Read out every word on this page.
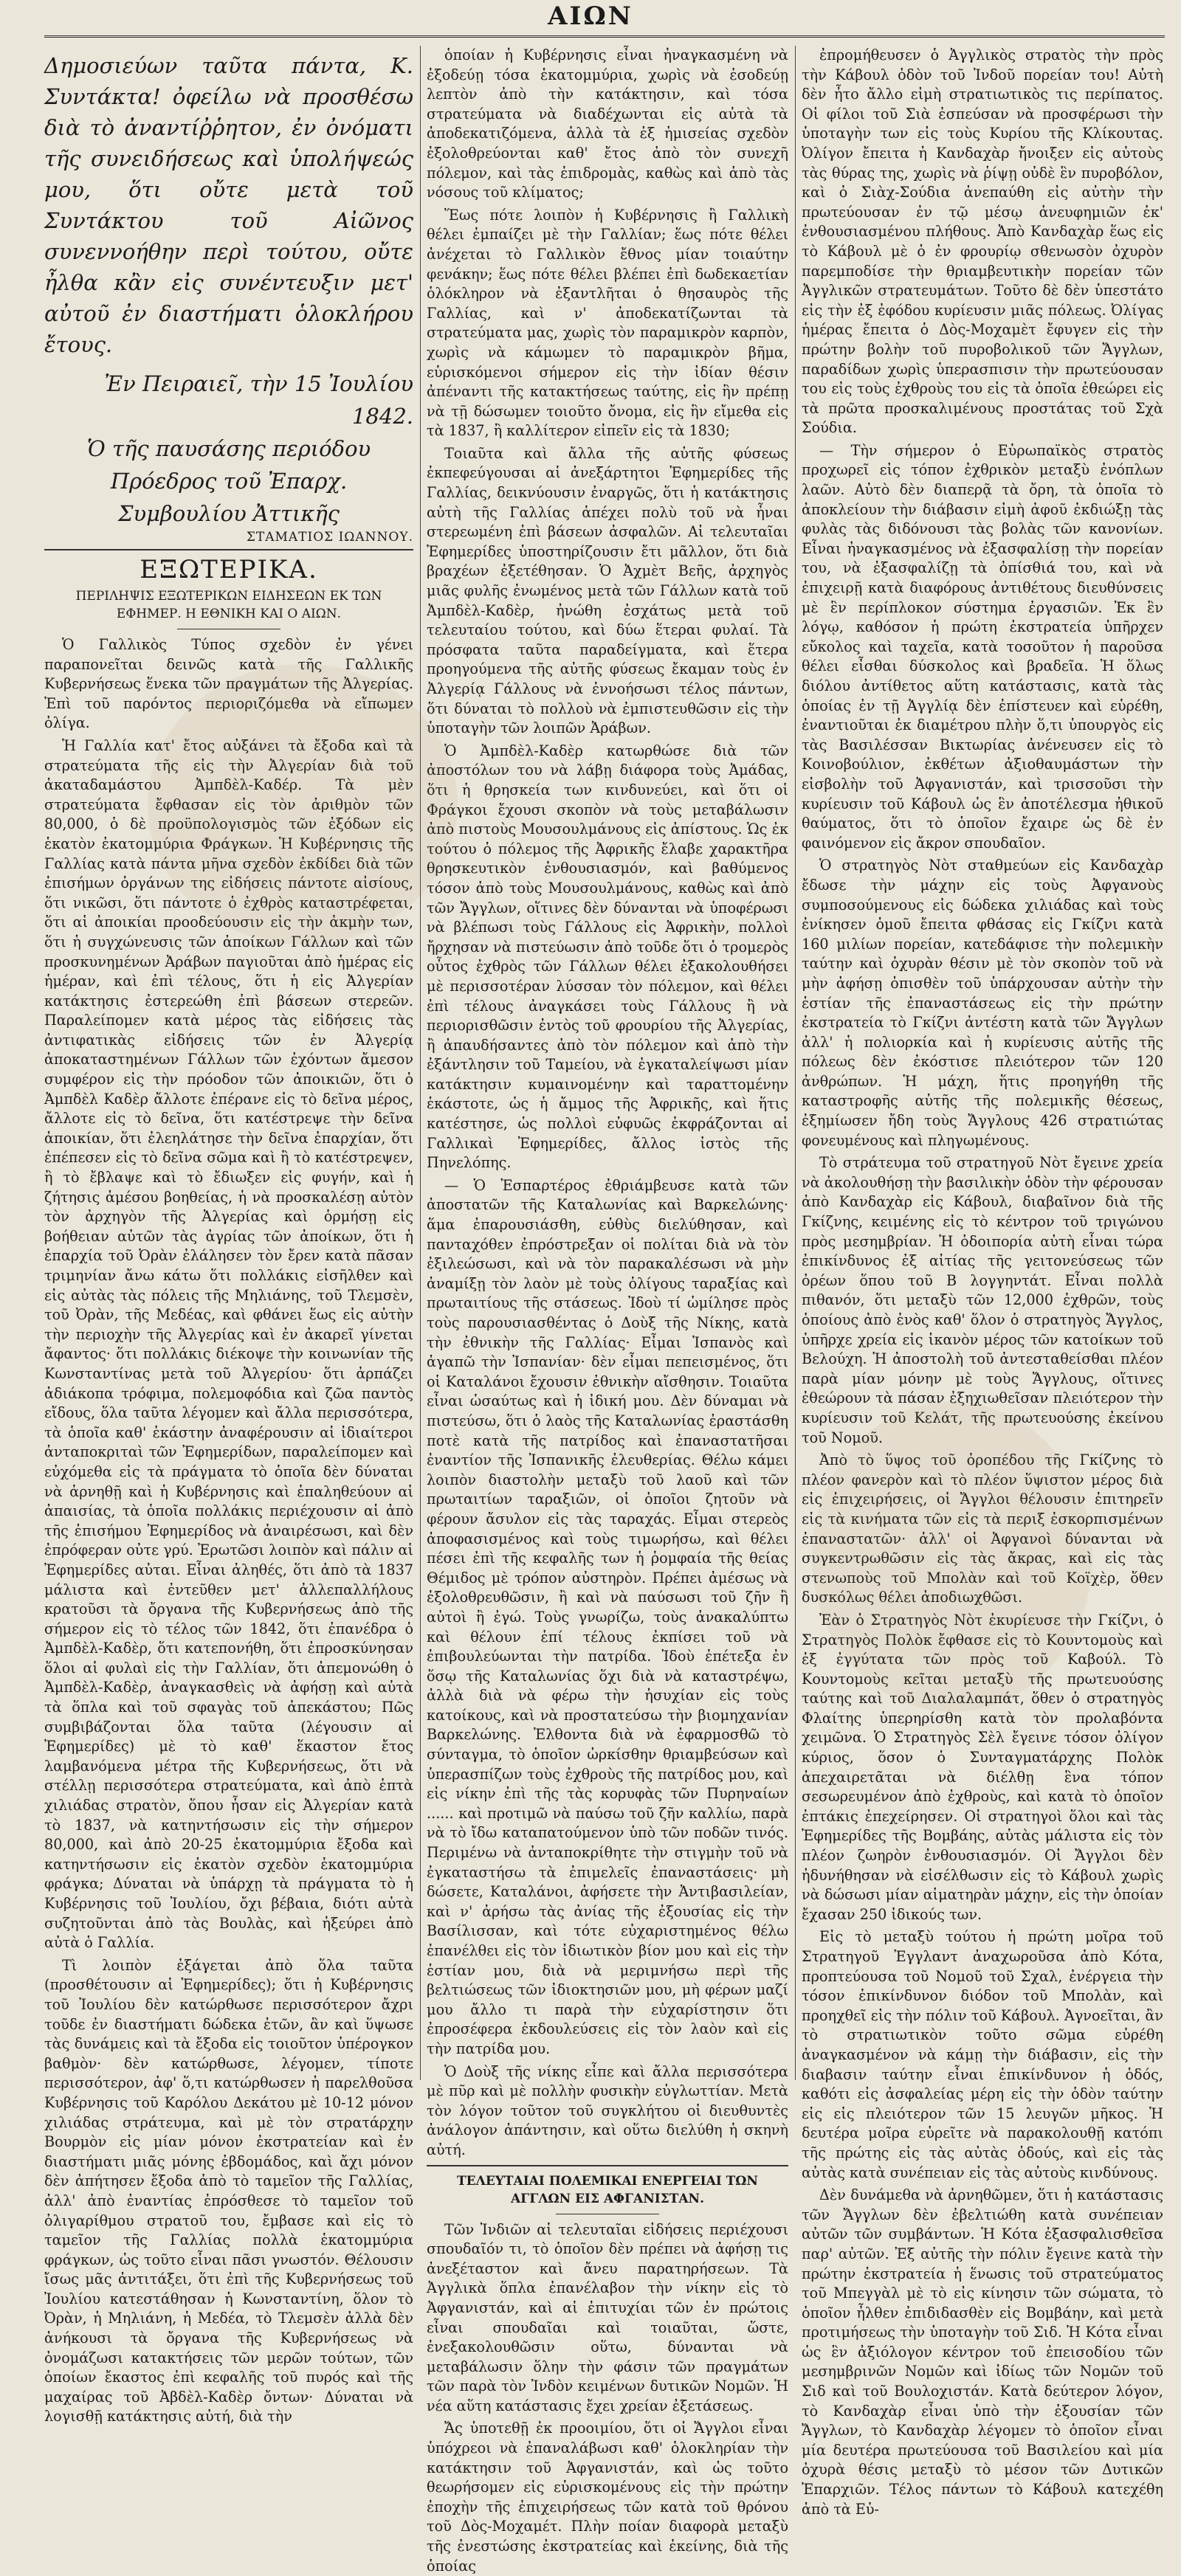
ΑΙΩΝ

Δημοσιεύων ταῦτα πάντα, Κ. Συντάκτα! ὀφείλω νὰ προσθέσω διὰ τὸ ἀναντίῤῥητον, ἐν ὀνόματι τῆς συνειδήσεως καὶ ὑπολήψεώς μου, ὅτι οὔτε μετὰ τοῦ Συντάκτου τοῦ Αἰῶνος συνεννοήθην περὶ τούτου, οὔτε ἦλθα κἂν εἰς συνέντευξιν μετ' αὐτοῦ ἐν διαστήματι ὁλοκλήρου ἔτους.

Ἐν Πειραιεῖ, τὴν 15 Ἰουλίου 1842.

Ὁ τῆς παυσάσης περιόδου Πρόεδρος τοῦ Ἐπαρχ. Συμβουλίου Ἀττικῆς

ΣΤΑΜΑΤΙΟΣ ΙΩΑΝΝΟΥ.

ΕΞΩΤΕΡΙΚΑ.
ΠΕΡΙΛΗΨΙΣ ΕΞΩΤΕΡΙΚΩΝ ΕΙΔΗΣΕΩΝ ΕΚ ΤΩΝ ΕΦΗΜΕΡ. Η ΕΘΝΙΚΗ ΚΑΙ Ο ΑΙΩΝ.

Ὁ Γαλλικὸς Τύπος σχεδὸν ἐν γένει παραπονεῖται δεινῶς κατὰ τῆς Γαλλικῆς Κυβερνήσεως ἕνεκα τῶν πραγμάτων τῆς Ἀλγερίας. Ἐπὶ τοῦ παρόντος περιοριζόμεθα νὰ εἴπωμεν ὀλίγα.

Ἡ Γαλλία κατ' ἔτος αὐξάνει τὰ ἔξοδα καὶ τὰ στρατεύματα τῆς εἰς τὴν Ἀλγερίαν διὰ τοῦ ἀκαταδαμάστου Ἀμπδὲλ-Καδέρ. Τὰ μὲν στρατεύματα ἔφθασαν εἰς τὸν ἀριθμὸν τῶν 80,000, ὁ δὲ προϋπολογισμὸς τῶν ἐξόδων εἰς ἑκατὸν ἑκατομμύρια Φράγκων. Ἡ Κυβέρνησις τῆς Γαλλίας κατὰ πάντα μῆνα σχεδὸν ἐκδίδει διὰ τῶν ἐπισήμων ὀργάνων της εἰδήσεις πάντοτε αἰσίους, ὅτι νικῶσι, ὅτι πάντοτε ὁ ἐχθρὸς καταστρέφεται, ὅτι αἱ ἀποικίαι προοδεύουσιν εἰς τὴν ἀκμὴν των, ὅτι ἡ συγχώνευσις τῶν ἀποίκων Γάλλων καὶ τῶν προσκυνημένων Ἀράβων παγιοῦται ἀπὸ ἡμέρας εἰς ἡμέραν, καὶ ἐπὶ τέλους, ὅτι ἡ εἰς Ἀλγερίαν κατάκτησις ἐστερεώθη ἐπὶ βάσεων στερεῶν. Παραλείπομεν κατὰ μέρος τὰς εἰδήσεις τὰς ἀντιφατικὰς εἰδήσεις τῶν ἐν Ἀλγερίᾳ ἀποκαταστημένων Γάλλων τῶν ἐχόντων ἄμεσον συμφέρον εἰς τὴν πρόοδον τῶν ἀποικιῶν, ὅτι ὁ Ἀμπδὲλ Καδὲρ ἄλλοτε ἐπέρανε εἰς τὸ δεῖνα μέρος, ἄλλοτε εἰς τὸ δεῖνα, ὅτι κατέστρεψε τὴν δεῖνα ἀποικίαν, ὅτι ἐλεηλάτησε τὴν δεῖνα ἐπαρχίαν, ὅτι ἐπέπεσεν εἰς τὸ δεῖνα σῶμα καὶ ἢ τὸ κατέστρεψεν, ἢ τὸ ἔβλαψε καὶ τὸ ἔδιωξεν εἰς φυγήν, καὶ ἡ ζήτησις ἀμέσου βοηθείας, ἡ νὰ προσκαλέσῃ αὐτὸν τὸν ἀρχηγὸν τῆς Ἀλγερίας καὶ ὁρμήσῃ εἰς βοήθειαν αὐτῶν τὰς ἀγρίας τῶν ἀποίκων, ὅτι ἡ ἐπαρχία τοῦ Ὀρὰν ἐλάλησεν τὸν ἔρεν κατὰ πᾶσαν τριμηνίαν ἄνω κάτω ὅτι πολλάκις εἰσῆλθεν καὶ εἰς αὐτὰς τὰς πόλεις τῆς Μηλιάνης, τοῦ Τλεμσὲν, τοῦ Ὀρὰν, τῆς Μεδέας, καὶ φθάνει ἕως εἰς αὐτὴν τὴν περιοχὴν τῆς Ἀλγερίας καὶ ἐν ἀκαρεῖ γίνεται ἄφαντος· ὅτι πολλάκις διέκοψε τὴν κοινωνίαν τῆς Κωνσταντίνας μετὰ τοῦ Ἀλγερίου· ὅτι ἀρπάζει ἀδιάκοπα τρόφιμα, πολεμοφόδια καὶ ζῶα παντὸς εἴδους, ὅλα ταῦτα λέγομεν καὶ ἄλλα περισσότερα, τὰ ὁποῖα καθ' ἑκάστην ἀναφέρουσιν αἱ ἰδιαίτεροι ἀνταποκριταὶ τῶν Ἐφημερίδων, παραλείπομεν καὶ εὐχόμεθα εἰς τὰ πράγματα τὸ ὁποῖα δὲν δύναται νὰ ἀρνηθῇ καὶ ἡ Κυβέρνησις καὶ ἐπαληθεύουν αἱ ἀπαισίας, τὰ ὁποῖα πολλάκις περιέχουσιν αἱ ἀπὸ τῆς ἐπισήμου Ἐφημερίδος νὰ ἀναιρέσωσι, καὶ δὲν ἐπρόφεραν οὐτε γρύ. Ἐρωτῶσι λοιπὸν καὶ πάλιν αἱ Ἐφημερίδες αὐται. Εἶναι ἀληθές, ὅτι ἀπὸ τὰ 1837 μάλιστα καὶ ἐντεῦθεν μετ' ἀλλεπαλλήλους κρατοῦσι τὰ ὄργανα τῆς Κυβερνήσεως ἀπὸ τῆς σήμερον εἰς τὸ τέλος τῶν 1842, ὅτι ἐπανέδρα ὁ Ἀμπδὲλ-Καδὲρ, ὅτι κατεπονήθη, ὅτι ἐπροσκύνησαν ὅλοι αἱ φυλαὶ εἰς τὴν Γαλλίαν, ὅτι ἀπεμονώθη ὁ Ἀμπδὲλ-Καδὲρ, ἀναγκασθεὶς νὰ ἀφήσῃ καὶ αὐτὰ τὰ ὅπλα καὶ τοῦ σφαγὰς τοῦ ἀπεκάστου; Πῶς συμβιβάζονται ὅλα ταῦτα (λέγουσιν αἱ Ἐφημερίδες) μὲ τὸ καθ' ἕκαστον ἔτος λαμβανόμενα μέτρα τῆς Κυβερνήσεως, ὅτι νὰ στέλλῃ περισσότερα στρατεύματα, καὶ ἀπὸ ἑπτὰ χιλιάδας στρατὸν, ὅπου ἦσαν εἰς Ἀλγερίαν κατὰ τὸ 1837, νὰ κατηντήσωσιν εἰς τὴν σήμερον 80,000, καὶ ἀπὸ 20-25 ἑκατομμύρια ἔξοδα καὶ κατηντήσωσιν εἰς ἑκατὸν σχεδὸν ἑκατομμύρια φράγκα; Δύναται νὰ ὑπάρχῃ τὰ πράγματα τὸ ἡ Κυβέρνησις τοῦ Ἰουλίου, ὄχι βέβαια, διότι αὐτὰ συζητοῦνται ἀπὸ τὰς Βουλὰς, καὶ ἠξεύρει ἀπὸ αὐτὰ ὁ Γαλλία.

Τὶ λοιπὸν ἐξάγεται ἀπὸ ὅλα ταῦτα (προσθέτουσιν αἱ Ἐφημερίδες); ὅτι ἡ Κυβέρνησις τοῦ Ἰουλίου δὲν κατώρθωσε περισσότερον ἄχρι τοῦδε ἐν διαστήματι δώδεκα ἐτῶν, ἂν καὶ ὕψωσε τὰς δυνάμεις καὶ τὰ ἔξοδα εἰς τοιοῦτον ὑπέρογκον βαθμὸν· δὲν κατώρθωσε, λέγομεν, τίποτε περισσότερον, ἀφ' ὅ,τι κατώρθωσεν ἡ παρελθοῦσα Κυβέρνησις τοῦ Καρόλου Δεκάτου μὲ 10-12 μόνον χιλιάδας στράτευμα, καὶ μὲ τὸν στρατάρχην Βουρμὸν εἰς μίαν μόνον ἐκστρατείαν καὶ ἐν διαστήματι μιᾶς μόνης ἐβδομάδος, καὶ ἄχι μόνον δὲν ἀπήτησεν ἔξοδα ἀπὸ τὸ ταμεῖον τῆς Γαλλίας, ἀλλ' ἀπὸ ἐναντίας ἐπρόσθεσε τὸ ταμεῖον τοῦ ὀλιγαρίθμου στρατοῦ του, ἔμβασε καὶ εἰς τὸ ταμεῖον τῆς Γαλλίας πολλὰ ἑκατομμύρια φράγκων, ὡς τοῦτο εἶναι πᾶσι γνωστόν. Θέλουσιν ἴσως μᾶς ἀντιτάξει, ὅτι ἐπὶ τῆς Κυβερνήσεως τοῦ Ἰουλίου κατεστάθησαν ἡ Κωνσταντίνη, ὅλον τὸ Ὀρὰν, ἡ Μηλιάνη, ἡ Μεδέα, τὸ Τλεμσὲν ἀλλὰ δὲν ἀνήκουσι τὰ ὄργανα τῆς Κυβερνήσεως νὰ ὀνομάζωσι κατακτήσεις τῶν μερῶν τούτων, τῶν ὁποίων ἔκαστος ἐπὶ κεφαλῆς τοῦ πυρός καὶ τῆς μαχαίρας τοῦ Ἀβδὲλ-Καδὲρ ὄντων· Δύναται νὰ λογισθῇ κατάκτησις αὐτή, διὰ τὴν

ὁποίαν ἡ Κυβέρνησις εἶναι ἠναγκασμένη νὰ ἐξοδεύῃ τόσα ἑκατομμύρια, χωρὶς νὰ ἐσοδεύῃ λεπτὸν ἀπὸ τὴν κατάκτησιν, καὶ τόσα στρατεύματα νὰ διαδέχωνται εἰς αὐτὰ τὰ ἀποδεκατιζόμενα, ἀλλὰ τὰ ἐξ ἡμισείας σχεδὸν ἐξολοθρεύονται καθ' ἔτος ἀπὸ τὸν συνεχῆ πόλεμον, καὶ τὰς ἐπιδρομὰς, καθὼς καὶ ἀπὸ τὰς νόσους τοῦ κλίματος;

Ἕως πότε λοιπὸν ἡ Κυβέρνησις ἢ Γαλλικὴ θέλει ἐμπαίζει μὲ τὴν Γαλλίαν; ἕως πότε θέλει ἀνέχεται τὸ Γαλλικὸν ἔθνος μίαν τοιαύτην φενάκην; ἕως πότε θέλει βλέπει ἐπὶ δωδεκαετίαν ὁλόκληρον νὰ ἐξαντλῆται ὁ θησαυρὸς τῆς Γαλλίας, καὶ ν' ἀποδεκατίζωνται τὰ στρατεύματα μας, χωρὶς τὸν παραμικρὸν καρπὸν, χωρὶς νὰ κάμωμεν τὸ παραμικρὸν βῆμα, εὑρισκόμενοι σήμερον εἰς τὴν ἰδίαν θέσιν ἀπέναντι τῆς κατακτήσεως ταύτης, εἰς ἣν πρέπῃ νὰ τῇ δώσωμεν τοιοῦτο ὄνομα, εἰς ἣν εἴμεθα εἰς τὰ 1837, ἢ καλλίτερον εἰπεῖν εἰς τὰ 1830;

Τοιαῦτα καὶ ἄλλα τῆς αὐτῆς φύσεως ἐκπεφεύγουσαι αἱ ἀνεξάρτητοι Ἐφημερίδες τῆς Γαλλίας, δεικνύουσιν ἐναργῶς, ὅτι ἡ κατάκτησις αὐτὴ τῆς Γαλλίας ἀπέχει πολὺ τοῦ νὰ ἦναι στερεωμένη ἐπὶ βάσεων ἀσφαλῶν. Αἱ τελευταῖαι Ἐφημερίδες ὑποστηρίζουσιν ἔτι μᾶλλον, ὅτι διὰ βραχέων ἐξετέθησαν. Ὁ Ἀχμὲτ Βεῆς, ἀρχηγὸς μιᾶς φυλῆς ἐνωμένος μετὰ τῶν Γάλλων κατὰ τοῦ Ἀμπδὲλ-Καδὲρ, ἠνώθη ἐσχάτως μετὰ τοῦ τελευταίου τούτου, καὶ δύω ἕτεραι φυλαί. Τὰ πρόσφατα ταῦτα παραδείγματα, καὶ ἕτερα προηγούμενα τῆς αὐτῆς φύσεως ἔκαμαν τοὺς ἐν Ἀλγερίᾳ Γάλλους νὰ ἐννοήσωσι τέλος πάντων, ὅτι δύναται τὸ πολλοὺ νὰ ἐμπιστευθῶσιν εἰς τὴν ὑποταγὴν τῶν λοιπῶν Ἀράβων.

Ὁ Ἀμπδὲλ-Καδὲρ κατωρθώσε διὰ τῶν ἀποστόλων του νὰ λάβῃ διάφορα τοὺς Ἀμάδας, ὅτι ἡ θρησκεία των κινδυνεύει, καὶ ὅτι οἱ Φράγκοι ἔχουσι σκοπὸν νὰ τοὺς μεταβάλωσιν ἀπὸ πιστοὺς Μουσουλμάνους εἰς ἀπίστους. Ὡς ἐκ τούτου ὁ πόλεμος τῆς Ἀφρικῆς ἔλαβε χαρακτῆρα θρησκευτικὸν ἐνθουσιασμόν, καὶ βαθύμενος τόσον ἀπὸ τοὺς Μουσουλμάνους, καθὼς καὶ ἀπὸ τῶν Ἄγγλων, οἵτινες δὲν δύνανται νὰ ὑποφέρωσι νὰ βλέπωσι τοὺς Γάλλους εἰς Ἀφρικὴν, πολλοὶ ἤρχησαν νὰ πιστεύωσιν ἀπὸ τοῦδε ὅτι ὁ τρομερὸς οὗτος ἐχθρὸς τῶν Γάλλων θέλει ἐξακολουθήσει μὲ περισσοτέραν λύσσαν τὸν πόλεμον, καὶ θέλει ἐπὶ τέλους ἀναγκάσει τοὺς Γάλλους ἢ νὰ περιορισθῶσιν ἐντὸς τοῦ φρουρίου τῆς Ἀλγερίας, ἢ ἀπαυδήσαντες ἀπὸ τὸν πόλεμον καὶ ἀπὸ τὴν ἐξάντλησιν τοῦ Ταμείου, νὰ ἐγκαταλείψωσι μίαν κατάκτησιν κυμαινομένην καὶ ταραττομένην ἑκάστοτε, ὡς ἡ ἄμμος τῆς Ἀφρικῆς, καὶ ἥτις κατέστησε, ὡς πολλοὶ εὐφυῶς ἐκφράζονται αἱ Γαλλικαὶ Ἐφημερίδες, ἄλλος ἰστὸς τῆς Πηνελόπης.

— Ὁ Ἐσπαρτέρος ἐθριάμβευσε κατὰ τῶν ἀποστατῶν τῆς Καταλωνίας καὶ Βαρκελώνης· ἅμα ἐπαρουσιάσθη, εὐθὺς διελύθησαν, καὶ πανταχόθεν ἐπρόστρεξαν οἱ πολίται διὰ νὰ τὸν ἐξιλεώσωσι, καὶ νὰ τὸν παρακαλέσωσι νὰ μὴν ἀναμίξῃ τὸν λαὸν μὲ τοὺς ὀλίγους ταραξίας καὶ πρωταιτίους τῆς στάσεως. Ἰδοὺ τί ὡμίλησε πρὸς τοὺς παρουσιασθέντας ὁ Δοὺξ τῆς Νίκης, κατὰ τὴν ἐθνικὴν τῆς Γαλλίας· Εἶμαι Ἰσπανὸς καὶ ἀγαπῶ τὴν Ἰσπανίαν· δὲν εἶμαι πεπεισμένος, ὅτι οἱ Καταλάνοι ἔχουσιν ἐθνικὴν αἴσθησιν. Τοιαῦτα εἶναι ὡσαύτως καὶ ἡ ἰδική μου. Δὲν δύναμαι νὰ πιστεύσω, ὅτι ὁ λαὸς τῆς Καταλωνίας ἐραστάσθη ποτὲ κατὰ τῆς πατρίδος καὶ ἐπαναστατῆσαι ἐναντίον τῆς Ἰσπανικῆς ἐλευθερίας. Θέλω κάμει λοιπὸν διαστολὴν μεταξὺ τοῦ λαοῦ καὶ τῶν πρωταιτίων ταραξιῶν, οἱ ὁποῖοι ζητοῦν νὰ φέρουν ἄσυλον εἰς τὰς ταραχάς. Εἶμαι στερεὸς ἀποφασισμένος καὶ τοὺς τιμωρήσω, καὶ θέλει πέσει ἐπὶ τῆς κεφαλῆς των ἡ ῥομφαία τῆς θείας Θέμιδος μὲ τρόπον αὐστηρὸν. Πρέπει ἀμέσως νὰ ἐξολοθρευθῶσιν, ἢ καὶ νὰ παύσωσι τοῦ ζῆν ἢ αὐτοὶ ἢ ἐγώ. Τοὺς γνωρίζω, τοὺς ἀνακαλύπτω καὶ θέλουν ἐπί τέλους ἐκπίσει τοῦ νὰ ἐπιβουλεύωνται τὴν πατρίδα. Ἰδοὺ ἐπέτεξα ἐν ὅσῳ τῆς Καταλωνίας ὅχι διὰ νὰ καταστρέψω, ἀλλὰ διὰ νὰ φέρω τὴν ἡσυχίαν εἰς τοὺς κατοίκους, καὶ νὰ προστατεύσω τὴν βιομηχανίαν Βαρκελώνης. Ἐλθοντα διὰ νὰ ἐφαρμοσθῶ τὸ σύνταγμα, τὸ ὁποῖον ὡρκίσθην θριαμβεύσων καὶ ὑπερασπίζων τοὺς ἐχθροὺς τῆς πατρίδος μου, καὶ εἰς νίκην ἐπὶ τῆς τὰς κορυφὰς τῶν Πυρηναίων ...... καὶ προτιμῶ νὰ παύσω τοῦ ζῆν καλλίω, παρὰ νὰ τὸ ἴδω καταπατούμενον ὑπὸ τῶν ποδῶν τινός. Περιμένω νὰ ἀνταποκρίθητε τὴν στιγμὴν τοῦ νὰ ἐγκαταστήσω τὰ ἐπιμελεῖς ἐπαναστάσεις· μὴ δώσετε, Καταλάνοι, ἀφήσετε τὴν Ἀντιβασιλείαν, καὶ ν' ἀρήσω τὰς ἀνίας τῆς ἐξουσίας εἰς τὴν Βασίλισσαν, καὶ τότε εὐχαριστημένος θέλω ἐπανέλθει εἰς τὸν ἰδιωτικὸν βίον μου καὶ εἰς τὴν ἑστίαν μου, διὰ νὰ μεριμνήσω περὶ τῆς βελτιώσεως τῶν ἰδιοκτησιῶν μου, μὴ φέρων μαζί μου ἄλλο τι παρὰ τὴν εὐχαρίστησιν ὅτι ἐπροσέφερα ἐκδουλεύσεις εἰς τὸν λαὸν καὶ εἰς τὴν πατρίδα μου.

Ὁ Δοὺξ τῆς νίκης εἶπε καὶ ἄλλα περισσότερα μὲ πῦρ καὶ μὲ πολλὴν φυσικὴν εὐγλωττίαν. Μετὰ τὸν λόγον τοῦτον τοῦ συγκλήτου οἱ διευθυντὲς ἀνάλογον ἀπάντησιν, καὶ οὕτω διελύθη ἡ σκηνὴ αὐτή.

ΤΕΛΕΥΤΑΙΑΙ ΠΟΛΕΜΙΚΑΙ ΕΝΕΡΓΕΙΑΙ ΤΩΝ ΑΓΓΛΩΝ ΕΙΣ ΑΦΓΑΝΙΣΤΑΝ.

Τῶν Ἰνδιῶν αἱ τελευταῖαι εἰδήσεις περιέχουσι σπουδαῖόν τι, τὸ ὁποῖον δὲν πρέπει νὰ ἀφήσῃ τις ἀνεξέταστον καὶ ἄνευ παρατηρήσεων. Τὰ Ἀγγλικὰ ὅπλα ἐπανέλαβον τὴν νίκην εἰς τὸ Ἀφγανιστάν, καὶ αἱ ἐπιτυχίαι τῶν ἐν πρώτοις εἶναι σπουδαῖαι καὶ τοιαῦται, ὥστε, ἐνεξακολουθῶσιν οὕτω, δύνανται νὰ μεταβάλωσιν ὅλην τὴν φάσιν τῶν πραγμάτων τῶν παρὰ τὸν Ἰνδὸν κειμένων δυτικῶν Νομῶν. Ἡ νέα αὕτη κατάστασις ἔχει χρείαν ἐξετάσεως.

Ἄς ὑποτεθῇ ἐκ προοιμίου, ὅτι οἱ Ἄγγλοι εἶναι ὑπόχρεοι νὰ ἐπαναλάβωσι καθ' ὁλοκληρίαν τὴν κατάκτησιν τοῦ Ἀφγανιστάν, καὶ ὡς τοῦτο θεωρήσομεν εἰς εὑρισκομένους εἰς τὴν πρώτην ἐποχὴν τῆς ἐπιχειρήσεως τῶν κατὰ τοῦ θρόνου τοῦ Δὸς-Μοχαμέτ. Πλὴν ποίαν διαφορὰ μεταξὺ τῆς ἐνεστώσης ἐκστρατείας καὶ ἐκείνης, διὰ τῆς ὁποίας

ἐπρομήθευσεν ὁ Ἀγγλικὸς στρατὸς τὴν πρὸς τὴν Κάβουλ ὁδὸν τοῦ Ἰνδοῦ πορείαν του! Αὐτὴ δὲν ἦτο ἄλλο εἰμὴ στρατιωτικὸς τις περίπατος. Οἱ φίλοι τοῦ Σιὰ ἐσπεύσαν νὰ προσφέρωσι τὴν ὑποταγὴν των εἰς τοὺς Κυρίου τῆς Κλίκουτας. Ὀλίγον ἔπειτα ἡ Κανδαχὰρ ἤνοιξεν εἰς αὐτοὺς τὰς θύρας της, χωρὶς νὰ ῥίψῃ οὐδὲ ἓν πυροβόλον, καὶ ὁ Σιὰχ-Σούδια ἀνεπαύθη εἰς αὐτὴν τὴν πρωτεύουσαν ἐν τῷ μέσῳ ἀνευφημιῶν ἐκ' ἐνθουσιασμένου πλήθους. Ἀπὸ Κανδαχὰρ ἕως εἰς τὸ Κάβουλ μὲ ὁ ἐν φρουρίῳ σθενωσὸν ὀχυρὸν παρεμποδίσε τὴν θριαμβευτικὴν πορείαν τῶν Ἀγγλικῶν στρατευμάτων. Τοῦτο δὲ δὲν ὑπεστάτο εἰς τὴν ἐξ ἐφόδου κυρίευσιν μιᾶς πόλεως. Ὀλίγας ἡμέρας ἔπειτα ὁ Δὸς-Μοχαμὲτ ἔφυγεν εἰς τὴν πρώτην βολὴν τοῦ πυροβολικοῦ τῶν Ἄγγλων, παραδίδων χωρὶς ὑπερασπισιν τὴν πρωτεύουσαν του εἰς τοὺς ἐχθροὺς του εἰς τὰ ὁποῖα ἐθεώρει εἰς τὰ πρῶτα προσκαλιμένους προστάτας τοῦ Σχὰ Σούδια.

— Τὴν σήμερον ὁ Εὐρωπαϊκὸς στρατὸς προχωρεῖ εἰς τόπον ἐχθρικὸν μεταξὺ ἐνόπλων λαῶν. Αὐτὸ δὲν διαπερᾷ τὰ ὄρη, τὰ ὁποῖα τὸ ἀποκλείουν τὴν διάβασιν εἰμὴ ἀφοῦ ἐκδιώξῃ τὰς φυλὰς τὰς διδόνουσι τὰς βολὰς τῶν κανονίων. Εἶναι ἠναγκασμένος νὰ ἐξασφαλίσῃ τὴν πορείαν του, νὰ ἐξασφαλίζῃ τὰ ὀπίσθιά του, καὶ νὰ ἐπιχειρῇ κατὰ διαφόρους ἀντιθέτους διευθύνσεις μὲ ἓν περίπλοκον σύστημα ἐργασιῶν. Ἐκ ἓν λόγῳ, καθόσον ἡ πρώτη ἐκστρατεία ὑπῆρχεν εὔκολος καὶ ταχεῖα, κατὰ τοσοῦτον ἡ παροῦσα θέλει εἶσθαι δύσκολος καὶ βραδεῖα. Ἡ ὅλως διόλου ἀντίθετος αὕτη κατάστασις, κατὰ τὰς ὁποίας ἐν τῇ Ἀγγλίᾳ δὲν ἐπίστευεν καὶ εὑρέθη, ἐναντιοῦται ἐκ διαμέτρου πλὴν ὅ,τι ὑπουργὸς εἰς τὰς Βασιλέσσαν Βικτωρίας ἀνένευσεν εἰς τὸ Κοινοβούλιον, ἐκθέτων ἀξιοθαυμάστων τὴν εἰσβολὴν τοῦ Ἀφγανιστάν, καὶ τρισσοῦσι τὴν κυρίευσιν τοῦ Κάβουλ ὡς ἓν ἀποτέλεσμα ἠθικοῦ θαύματος, ὅτι τὸ ὁποῖον ἔχαιρε ὡς δὲ ἐν φαινόμενον εἰς ἄκρον σπουδαῖον.

Ὁ στρατηγὸς Νὸτ σταθμεύων εἰς Κανδαχὰρ ἔδωσε τὴν μάχην εἰς τοὺς Ἀφγανοὺς συμποσούμενους εἰς δώδεκα χιλιάδας καὶ τοὺς ἐνίκησεν ὁμοῦ ἔπειτα φθάσας εἰς Γκίζνι κατὰ 160 μιλίων πορείαν, κατεδάφισε τὴν πολεμικὴν ταύτην καὶ ὀχυρὰν θέσιν μὲ τὸν σκοπὸν τοῦ νὰ μὴν ἀφήσῃ ὀπισθὲν τοῦ ὑπάρχουσαν αὐτὴν τὴν ἑστίαν τῆς ἐπαναστάσεως εἰς τὴν πρώτην ἐκστρατεία τὸ Γκίζνι ἀντέστη κατὰ τῶν Ἄγγλων ἀλλ' ἡ πολιορκία καὶ ἡ κυρίευσις αὐτῆς τῆς πόλεως δὲν ἐκόστισε πλειότερον τῶν 120 ἀνθρώπων. Ἡ μάχη, ἥτις προηγήθη τῆς καταστροφῆς αὐτῆς τῆς πολεμικῆς θέσεως, ἐξημίωσεν ἤδη τοὺς Ἄγγλους 426 στρατιώτας φονευμένους καὶ πληγωμένους.

Τὸ στράτευμα τοῦ στρατηγοῦ Νὸτ ἔγεινε χρεία νὰ ἀκολουθήσῃ τὴν βασιλικὴν ὁδὸν τὴν φέρουσαν ἀπὸ Κανδαχὰρ εἰς Κάβουλ, διαβαῖνον διὰ τῆς Γκίζνης, κειμένης εἰς τὸ κέντρον τοῦ τριγώνου πρὸς μεσημβρίαν. Ἡ ὁδοιπορία αὐτὴ εἶναι τώρα ἐπικίνδυνος ἐξ αἰτίας τῆς γειτονεύσεως τῶν ὀρέων ὅπου τοῦ Β λογγηντάτ. Εἶναι πολλὰ πιθανόν, ὅτι μεταξὺ τῶν 12,000 ἐχθρῶν, τοὺς ὁποίους ἀπὸ ἑνὸς καθ' ὅλον ὁ στρατηγὸς Ἄγγλος, ὑπῆρχε χρεία εἰς ἱκανὸν μέρος τῶν κατοίκων τοῦ Βελούχη. Ἡ ἀποστολὴ τοῦ ἀντεσταθείσθαι πλέον παρὰ μίαν μόνην μὲ τοὺς Ἄγγλους, οἵτινες ἐθεώρουν τὰ πάσαν ἐξηχιωθεῖσαν πλειότερον τὴν κυρίευσιν τοῦ Κελάτ, τῆς πρωτευούσης ἐκείνου τοῦ Νομοῦ.

Ἀπὸ τὸ ὕψος τοῦ ὀροπέδου τῆς Γκίζνης τὸ πλέον φανερὸν καὶ τὸ πλέον ὕψιστον μέρος διὰ εἰς ἐπιχειρήσεις, οἱ Ἄγγλοι θέλουσιν ἐπιτηρεῖν εἰς τὰ κινήματα τῶν εἰς τὰ περιξ ἐσκορπισμένων ἐπαναστατῶν· ἀλλ' οἱ Ἀφγανοὶ δύνανται νὰ συγκεντρωθῶσιν εἰς τὰς ἄκρας, καὶ εἰς τὰς στενωποὺς τοῦ Μπολὰν καὶ τοῦ Κοϊχὲρ, ὅθεν δυσκόλως θέλει ἀποδιωχθῶσι.

Ἐὰν ὁ Στρατηγὸς Νὸτ ἐκυρίευσε τὴν Γκίζνι, ὁ Στρατηγὸς Πολὸκ ἔφθασε εἰς τὸ Κουντομοὺς καὶ ἐξ ἐγγύτατα τῶν πρὸς τοῦ Καβούλ. Τὸ Κουντομοὺς κεῖται μεταξὺ τῆς πρωτευούσης ταύτης καὶ τοῦ Διαλαλαμπάτ, ὅθεν ὁ στρατηγὸς Φλαίτης ὑπερηρίσθη κατὰ τὸν προλαβόντα χειμῶνα. Ὁ Στρατηγὸς Σὲλ ἔγεινε τόσον ὀλίγον κύριος, ὅσον ὁ Συνταγματάρχης Πολὸκ ἀπεχαιρετᾶται νὰ διέλθῃ ἓνα τόπον σεσωρευμένον ἀπὸ ἐχθροὺς, καὶ κατὰ τὸ ὁποῖον ἐπτάκις ἐπεχείρησεν. Οἱ στρατηγοὶ ὅλοι καὶ τὰς Ἐφημερίδες τῆς Βομβάης, αὐτὰς μάλιστα εἰς τὸν πλέον ζωηρὸν ἐνθουσιασμόν. Οἱ Ἄγγλοι δὲν ἠδυνήθησαν νὰ εἰσέλθωσιν εἰς τὸ Κάβουλ χωρὶς νὰ δώσωσι μίαν αἱματηρὰν μάχην, εἰς τὴν ὁποίαν ἔχασαν 250 ἰδικούς των.

Εἰς τὸ μεταξὺ τούτου ἡ πρώτη μοῖρα τοῦ Στρατηγοῦ Ἐγγλαντ ἀναχωροῦσα ἀπὸ Κότα, προπτεύουσα τοῦ Νομοῦ τοῦ Σχαλ, ἐνέργεια τὴν τόσον ἐπικίνδυνον διόδον τοῦ Μπολὰν, καὶ προηχθεῖ εἰς τὴν πόλιν τοῦ Κάβουλ. Ἀγνοεῖται, ἂν τὸ στρατιωτικὸν τοῦτο σῶμα εὑρέθη ἀναγκασμένον νὰ κάμῃ τὴν διάβασιν, εἰς τὴν διαβασιν ταύτην εἶναι ἐπικίνδυνον ἡ ὁδός, καθότι εἰς ἀσφαλείας μέρη εἰς τὴν ὁδὸν ταύτην εἰς εἰς πλειότερον τῶν 15 λευγῶν μῆκος. Ἡ δευτέρα μοῖρα εὑρεῖτε νὰ παρακολουθῇ κατόπι τῆς πρώτης εἰς τὰς αὐτὰς ὁδούς, καὶ εἰς τὰς αὐτὰς κατὰ συνέπειαν εἰς τὰς αὐτοὺς κινδύνους.

Δὲν δυνάμεθα νὰ ἀρνηθῶμεν, ὅτι ἡ κατάστασις τῶν Ἄγγλων δὲν ἐβελτιώθη κατὰ συνέπειαν αὐτῶν τῶν συμβάντων. Ἡ Κότα ἐξασφαλισθεῖσα παρ' αὐτῶν. Ἐξ αὐτῆς τὴν πόλιν ἔγεινε κατὰ τὴν πρώτην ἐκστρατεία ἡ ἕνωσις τοῦ στρατεύματος τοῦ Μπεγγὰλ μὲ τὸ εἰς κίνησιν τῶν σώματα, τὸ ὁποῖον ἦλθεν ἐπιδιδασθὲν εἰς Βομβάην, καὶ μετὰ προτιμήσεως τὴν ὑποταγὴν τοῦ Σιδ. Ἡ Κότα εἶναι ὡς ἓν ἀξιόλογον κέντρον τοῦ ἐπεισοδίου τῶν μεσημβρινῶν Νομῶν καὶ ἰδίως τῶν Νομῶν τοῦ Σιδ καὶ τοῦ Βουλοχιστάν. Κατὰ δεύτερον λόγον, τὸ Κανδαχὰρ εἶναι ὑπὸ τὴν ἐξουσίαν τῶν Ἄγγλων, τὸ Κανδαχὰρ λέγομεν τὸ ὁποῖον εἶναι μία δευτέρα πρωτεύουσα τοῦ Βασιλείου καὶ μία ὀχυρὰ θέσις μεταξὺ τὸ μέσον τῶν Δυτικῶν Ἐπαρχιῶν. Τέλος πάντων τὸ Κάβουλ κατεχέθη ἀπὸ τὰ Εὐ-
